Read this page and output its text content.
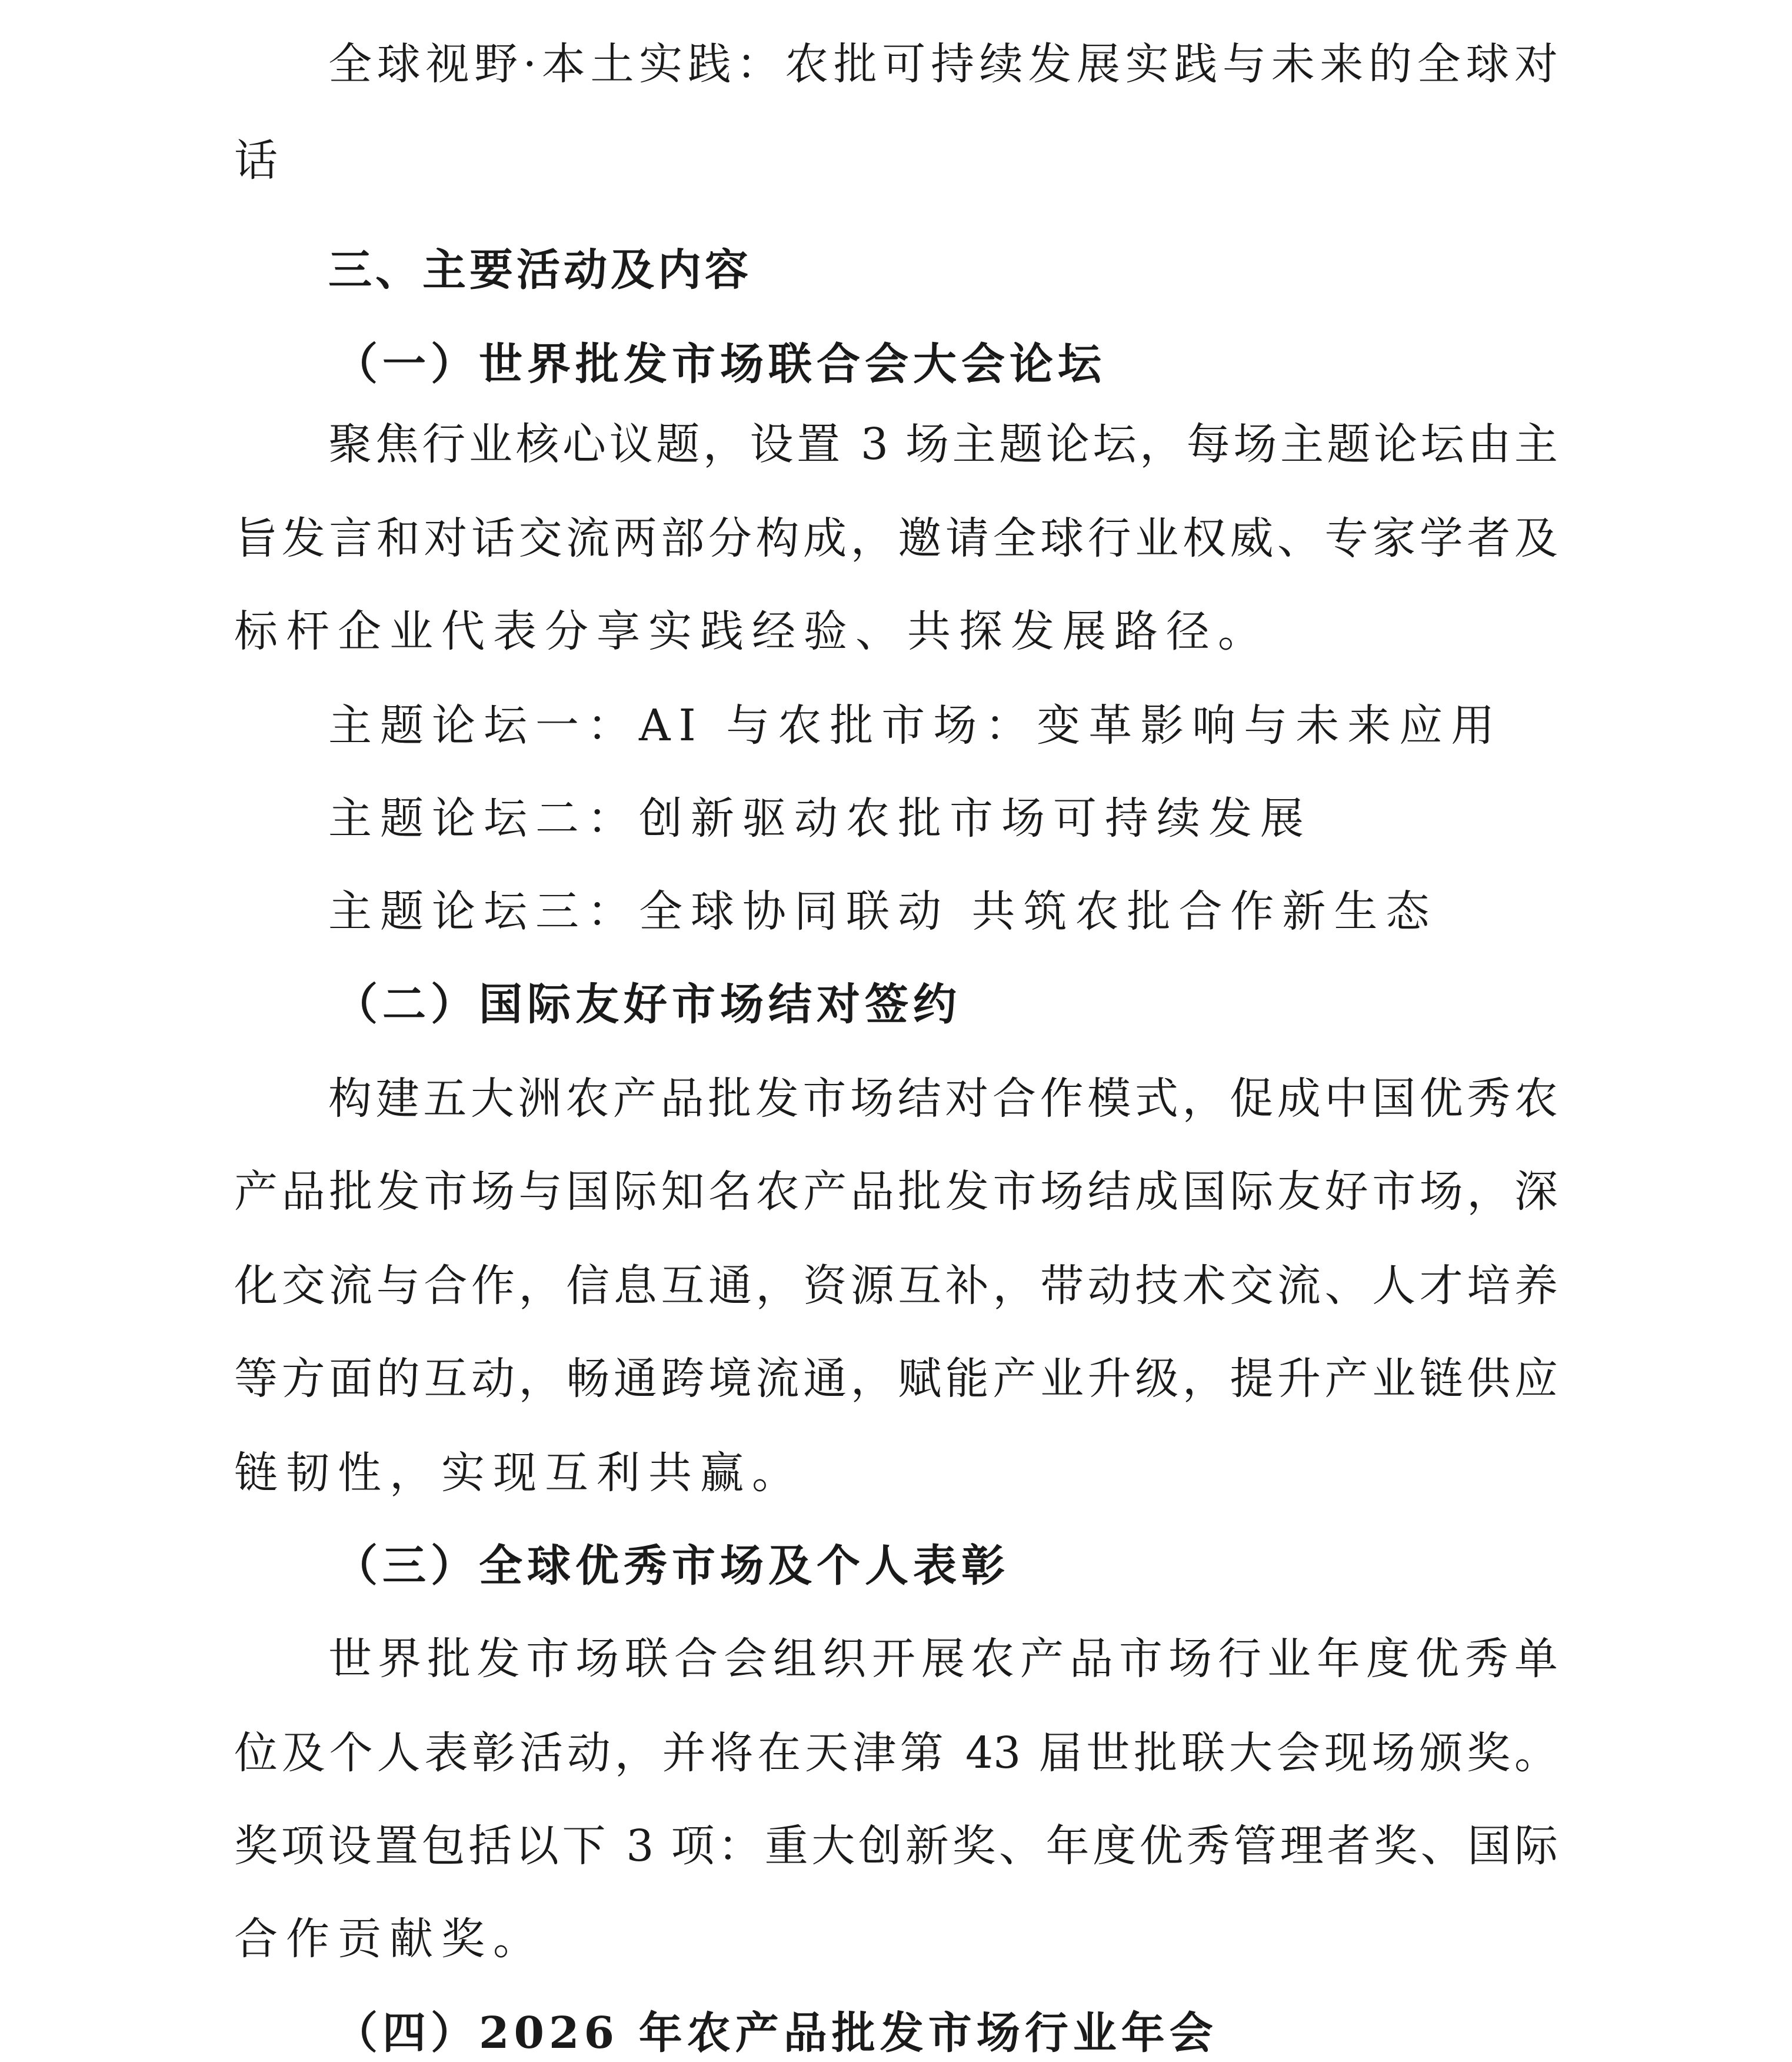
全球视野·本土实践：农批可持续发展实践与未来的全球对
话
三、主要活动及内容
（一）世界批发市场联合会大会论坛
聚焦行业核心议题，设置 3 场主题论坛，每场主题论坛由主
旨发言和对话交流两部分构成，邀请全球行业权威、专家学者及
标杆企业代表分享实践经验、共探发展路径。
主题论坛一：AI 与农批市场：变革影响与未来应用
主题论坛二：创新驱动农批市场可持续发展
主题论坛三：全球协同联动 共筑农批合作新生态
（二）国际友好市场结对签约
构建五大洲农产品批发市场结对合作模式，促成中国优秀农
产品批发市场与国际知名农产品批发市场结成国际友好市场，深
化交流与合作，信息互通，资源互补，带动技术交流、人才培养
等方面的互动，畅通跨境流通，赋能产业升级，提升产业链供应
链韧性，实现互利共赢。
（三）全球优秀市场及个人表彰
世界批发市场联合会组织开展农产品市场行业年度优秀单
位及个人表彰活动，并将在天津第 43 届世批联大会现场颁奖。
奖项设置包括以下 3 项：重大创新奖、年度优秀管理者奖、国际
合作贡献奖。
（四）2026 年农产品批发市场行业年会
